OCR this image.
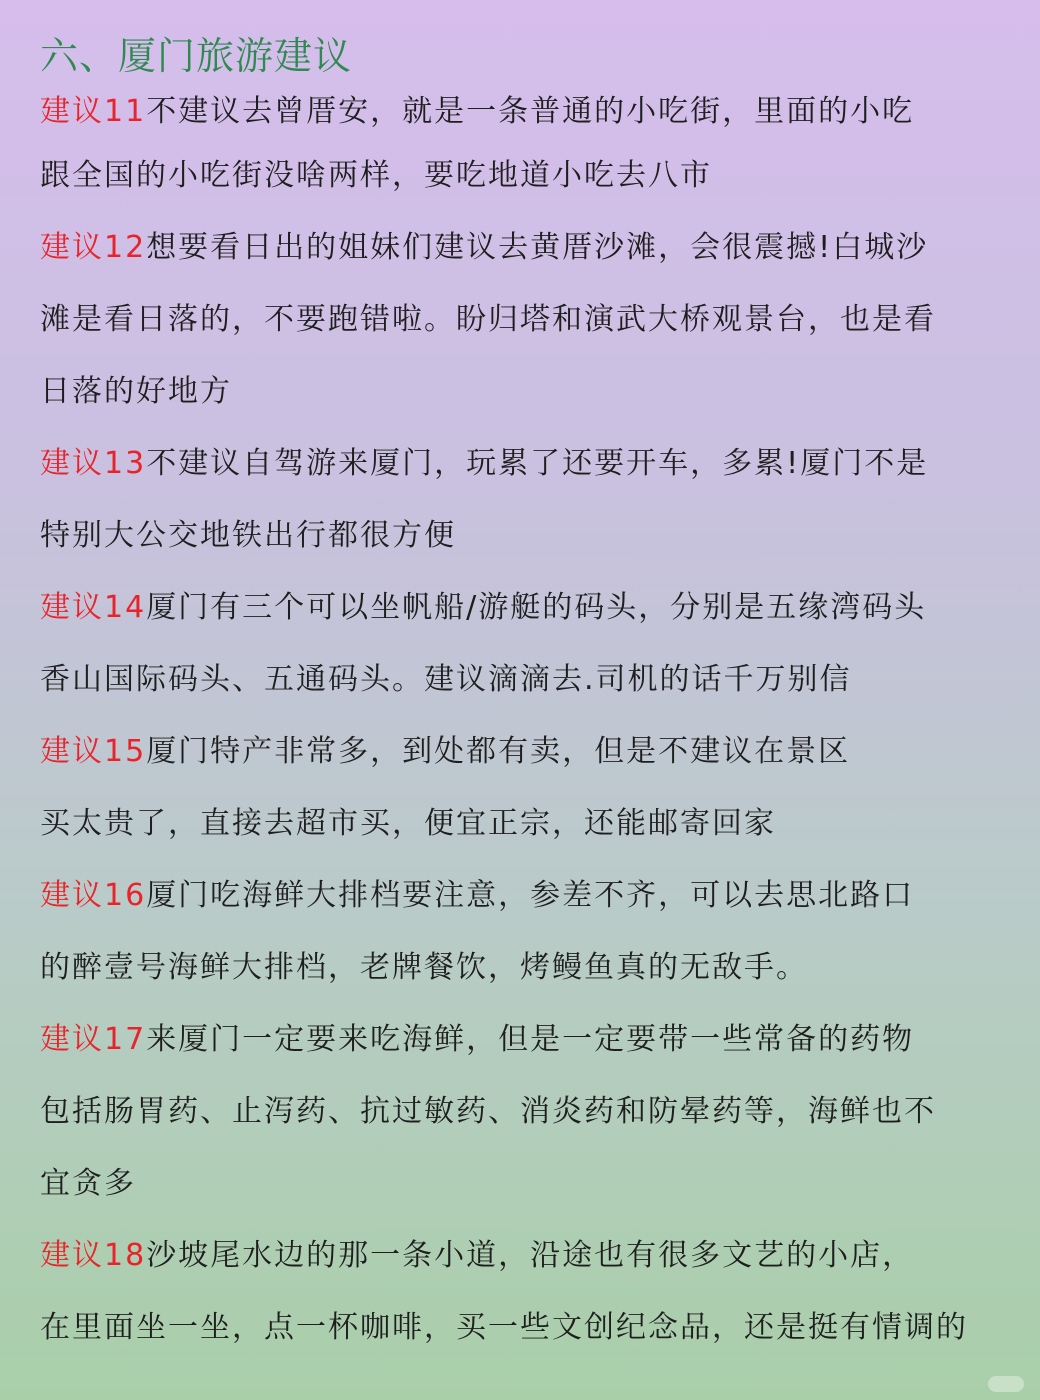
六、厦门旅游建议
建议11不建议去曾厝安，就是一条普通的小吃街，里面的小吃
跟全国的小吃街没啥两样，要吃地道小吃去八市
建议12想要看日出的姐妹们建议去黄厝沙滩，会很震撼!白城沙
滩是看日落的，不要跑错啦。盼归塔和演武大桥观景台，也是看
日落的好地方
建议13不建议自驾游来厦门，玩累了还要开车，多累!厦门不是
特别大公交地铁出行都很方便
建议14厦门有三个可以坐帆船/游艇的码头，分别是五缘湾码头
香山国际码头、五通码头。建议滴滴去.司机的话千万别信
建议15厦门特产非常多，到处都有卖，但是不建议在景区
买太贵了，直接去超市买，便宜正宗，还能邮寄回家
建议16厦门吃海鲜大排档要注意，参差不齐，可以去思北路口
的醉壹号海鲜大排档，老牌餐饮，烤鳗鱼真的无敌手。
建议17来厦门一定要来吃海鲜，但是一定要带一些常备的药物
包括肠胃药、止泻药、抗过敏药、消炎药和防晕药等，海鲜也不
宜贪多
建议18沙坡尾水边的那一条小道，沿途也有很多文艺的小店，
在里面坐一坐，点一杯咖啡，买一些文创纪念品，还是挺有情调的
